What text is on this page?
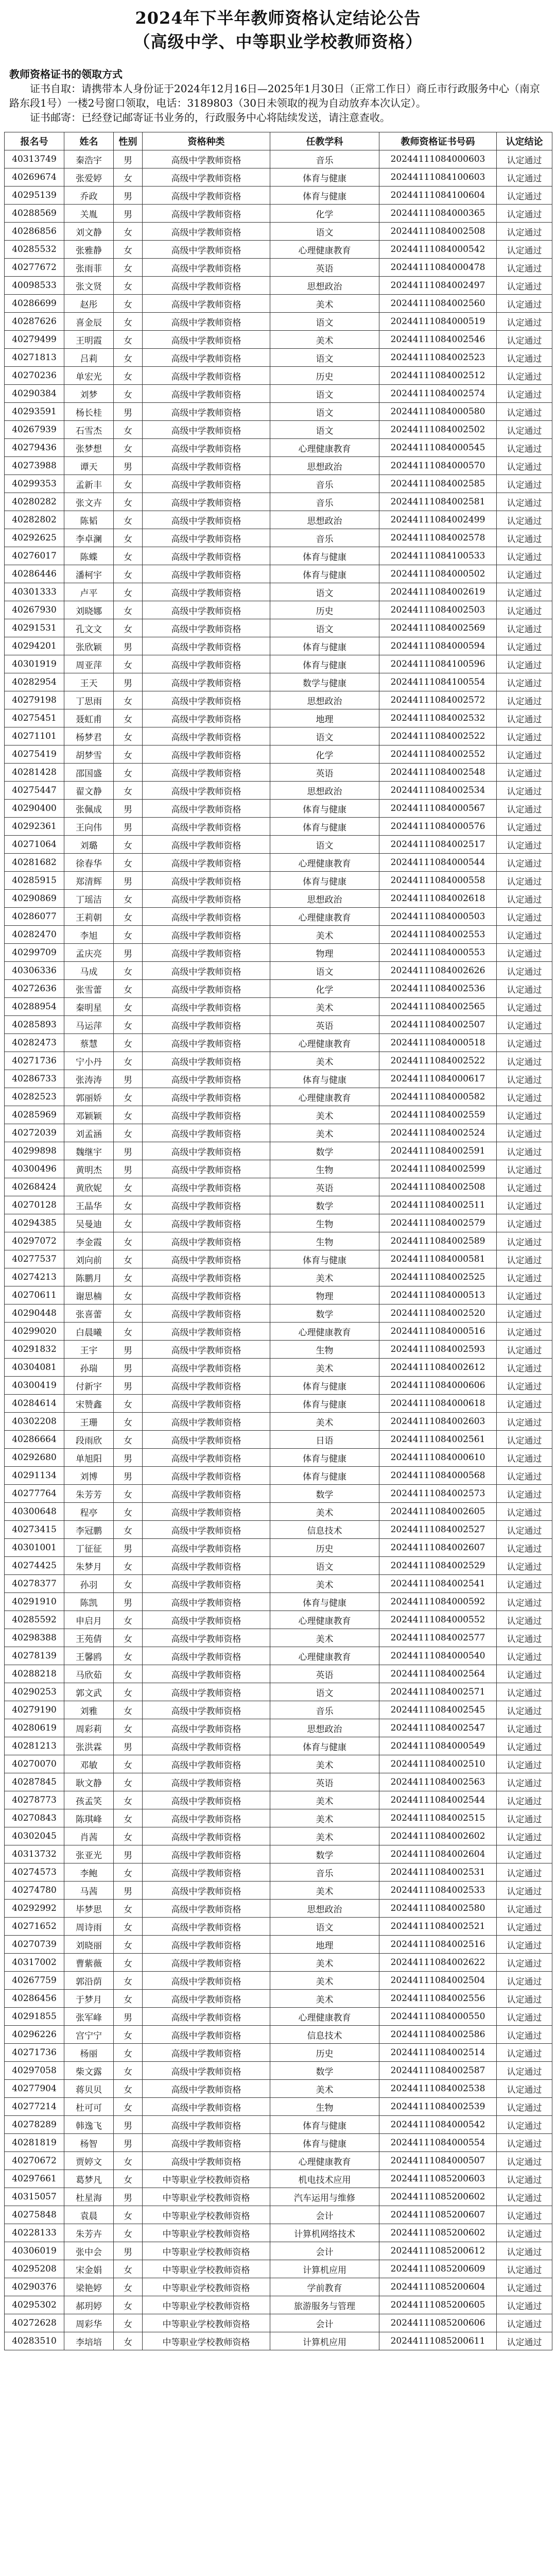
2024年下半年教师资格认定结论公告
（高级中学、中等职业学校教师资格）

教师资格证书的领取方式

证书自取：请携带本人身份证于2024年12月16日—2025年1月30日（正常工作日）商丘市行政服务中心（南京路东段1号）一楼2号窗口领取，电话：3189803（30日未领取的视为自动放弃本次认定）。

证书邮寄：已经登记邮寄证书业务的，行政服务中心将陆续发送，请注意查收。

报名号	姓名	性别	资格种类	任教学科	教师资格证书号码	认定结论
40313749	秦浩宇	男	高级中学教师资格	音乐	20244111084000603	认定通过
40269674	张爱婷	女	高级中学教师资格	体育与健康	20244111084100603	认定通过
40295139	乔政	男	高级中学教师资格	体育与健康	20244111084100604	认定通过
40288569	关胤	男	高级中学教师资格	化学	20244111084000365	认定通过
40286856	刘文静	女	高级中学教师资格	语文	20244111084002508	认定通过
40285532	张雅静	女	高级中学教师资格	心理健康教育	20244111084000542	认定通过
40277672	张雨菲	女	高级中学教师资格	英语	20244111084000478	认定通过
40098533	张文贤	女	高级中学教师资格	思想政治	20244111084002497	认定通过
40286699	赵彤	女	高级中学教师资格	美术	20244111084002560	认定通过
40287626	喜金辰	女	高级中学教师资格	语文	20244111084000519	认定通过
40279499	王明霞	女	高级中学教师资格	美术	20244111084002546	认定通过
40271813	吕莉	女	高级中学教师资格	语文	20244111084002523	认定通过
40270236	单宏光	女	高级中学教师资格	历史	20244111084002512	认定通过
40290384	刘梦	女	高级中学教师资格	语文	20244111084002574	认定通过
40293591	杨长桂	男	高级中学教师资格	语文	20244111084000580	认定通过
40267939	石雪杰	女	高级中学教师资格	语文	20244111084002502	认定通过
40279436	张梦想	女	高级中学教师资格	心理健康教育	20244111084000545	认定通过
40273988	谭天	男	高级中学教师资格	思想政治	20244111084000570	认定通过
40299353	孟新丰	女	高级中学教师资格	音乐	20244111084002585	认定通过
40280282	张文卉	女	高级中学教师资格	音乐	20244111084002581	认定通过
40282802	陈韬	女	高级中学教师资格	思想政治	20244111084002499	认定通过
40292625	李卓澜	女	高级中学教师资格	音乐	20244111084002578	认定通过
40276017	陈蝶	女	高级中学教师资格	体育与健康	20244111084100533	认定通过
40286446	潘柯宇	女	高级中学教师资格	体育与健康	20244111084000502	认定通过
40301333	卢平	女	高级中学教师资格	语文	20244111084002619	认定通过
40267930	刘晓娜	女	高级中学教师资格	历史	20244111084002503	认定通过
40291531	孔文文	女	高级中学教师资格	语文	20244111084002569	认定通过
40294201	张欣颖	男	高级中学教师资格	体育与健康	20244111084000594	认定通过
40301919	周亚萍	女	高级中学教师资格	体育与健康	20244111084100596	认定通过
40282954	王天	男	高级中学教师资格	数学与健康	20244111084100554	认定通过
40279198	丁思雨	女	高级中学教师资格	思想政治	20244111084002572	认定通过
40275451	聂虹甫	女	高级中学教师资格	地理	20244111084002532	认定通过
40271101	杨梦君	女	高级中学教师资格	语文	20244111084002522	认定通过
40275419	胡梦雪	女	高级中学教师资格	化学	20244111084002552	认定通过
40281428	邵国盛	女	高级中学教师资格	英语	20244111084002548	认定通过
40275447	翟文静	女	高级中学教师资格	思想政治	20244111084002534	认定通过
40290400	张佩成	男	高级中学教师资格	体育与健康	20244111084000567	认定通过
40292361	王向伟	男	高级中学教师资格	体育与健康	20244111084000576	认定通过
40271064	刘璐	女	高级中学教师资格	语文	20244111084002517	认定通过
40281682	徐春华	女	高级中学教师资格	心理健康教育	20244111084000544	认定通过
40285915	郑清辉	男	高级中学教师资格	体育与健康	20244111084000558	认定通过
40290869	丁瑶洁	女	高级中学教师资格	思想政治	20244111084002618	认定通过
40286077	王莉朝	女	高级中学教师资格	心理健康教育	20244111084000503	认定通过
40282470	李旭	女	高级中学教师资格	美术	20244111084002553	认定通过
40299709	孟庆亮	男	高级中学教师资格	物理	20244111084000553	认定通过
40306336	马成	女	高级中学教师资格	语文	20244111084002626	认定通过
40272636	张雪蕾	女	高级中学教师资格	化学	20244111084002536	认定通过
40288954	秦明星	女	高级中学教师资格	美术	20244111084002565	认定通过
40285893	马运萍	女	高级中学教师资格	英语	20244111084002507	认定通过
40282473	蔡慧	女	高级中学教师资格	心理健康教育	20244111084000518	认定通过
40271736	宁小丹	女	高级中学教师资格	美术	20244111084002522	认定通过
40286733	张涛涛	男	高级中学教师资格	体育与健康	20244111084000617	认定通过
40282523	郭丽娇	女	高级中学教师资格	心理健康教育	20244111084000582	认定通过
40285969	邓颖颖	女	高级中学教师资格	美术	20244111084002559	认定通过
40272039	刘孟涵	女	高级中学教师资格	美术	20244111084002524	认定通过
40299898	魏继宇	男	高级中学教师资格	数学	20244111084002591	认定通过
40300496	黄明杰	男	高级中学教师资格	生物	20244111084002599	认定通过
40268424	黄欣妮	女	高级中学教师资格	英语	20244111084002508	认定通过
40270128	王晶华	女	高级中学教师资格	数学	20244111084002511	认定通过
40294385	吴曼迪	女	高级中学教师资格	生物	20244111084002579	认定通过
40297072	李金霞	女	高级中学教师资格	生物	20244111084002589	认定通过
40277537	刘向前	女	高级中学教师资格	体育与健康	20244111084000581	认定通过
40274213	陈鹏月	女	高级中学教师资格	美术	20244111084002525	认定通过
40270611	谢思楠	女	高级中学教师资格	物理	20244111084000513	认定通过
40290448	张喜蕾	女	高级中学教师资格	数学	20244111084002520	认定通过
40299020	白晨曦	女	高级中学教师资格	心理健康教育	20244111084000516	认定通过
40291832	王宇	男	高级中学教师资格	生物	20244111084002593	认定通过
40304081	孙瑞	男	高级中学教师资格	美术	20244111084002612	认定通过
40300419	付新宇	男	高级中学教师资格	体育与健康	20244111084000606	认定通过
40284614	宋赞鑫	女	高级中学教师资格	体育与健康	20244111084000618	认定通过
40302208	王珊	女	高级中学教师资格	美术	20244111084002603	认定通过
40286664	段雨欣	女	高级中学教师资格	日语	20244111084002561	认定通过
40292680	单旭阳	男	高级中学教师资格	体育与健康	20244111084000610	认定通过
40291134	刘博	男	高级中学教师资格	体育与健康	20244111084000568	认定通过
40277764	朱芳芳	女	高级中学教师资格	数学	20244111084002573	认定通过
40300648	程亭	女	高级中学教师资格	美术	20244111084002605	认定通过
40273415	李冠鹏	女	高级中学教师资格	信息技术	20244111084002527	认定通过
40301001	丁征征	男	高级中学教师资格	历史	20244111084002607	认定通过
40274425	朱梦月	女	高级中学教师资格	语文	20244111084002529	认定通过
40278377	孙羽	女	高级中学教师资格	美术	20244111084002541	认定通过
40291910	陈凯	男	高级中学教师资格	体育与健康	20244111084000592	认定通过
40285592	申启月	女	高级中学教师资格	心理健康教育	20244111084000552	认定通过
40298388	王苑倩	女	高级中学教师资格	美术	20244111084002577	认定通过
40278139	王馨鸥	女	高级中学教师资格	心理健康教育	20244111084000540	认定通过
40288218	马欣茹	女	高级中学教师资格	英语	20244111084002564	认定通过
40290253	郭文武	女	高级中学教师资格	语文	20244111084002571	认定通过
40279190	刘雅	女	高级中学教师资格	音乐	20244111084002545	认定通过
40280619	周彩莉	女	高级中学教师资格	思想政治	20244111084002547	认定通过
40281213	张洪霖	男	高级中学教师资格	体育与健康	20244111084000549	认定通过
40270070	邓敏	女	高级中学教师资格	美术	20244111084002510	认定通过
40287845	耿文静	女	高级中学教师资格	英语	20244111084002563	认定通过
40278773	孩孟笑	女	高级中学教师资格	美术	20244111084002544	认定通过
40270843	陈琪峰	女	高级中学教师资格	美术	20244111084002515	认定通过
40302045	肖茜	女	高级中学教师资格	美术	20244111084002602	认定通过
40313732	张亚光	男	高级中学教师资格	数学	20244111084002604	认定通过
40274573	李鲍	女	高级中学教师资格	音乐	20244111084002531	认定通过
40274780	马茜	男	高级中学教师资格	美术	20244111084002533	认定通过
40292992	毕梦思	女	高级中学教师资格	思想政治	20244111084002580	认定通过
40271652	周诗雨	女	高级中学教师资格	语文	20244111084002521	认定通过
40270739	刘晓丽	女	高级中学教师资格	地理	20244111084002516	认定通过
40317002	曹紫薇	女	高级中学教师资格	美术	20244111084002622	认定通过
40267759	郭沿荫	女	高级中学教师资格	美术	20244111084002504	认定通过
40286456	于梦月	女	高级中学教师资格	美术	20244111084002556	认定通过
40291855	张军峰	男	高级中学教师资格	心理健康教育	20244111084000550	认定通过
40296226	宫宁宁	女	高级中学教师资格	信息技术	20244111084002586	认定通过
40271736	杨丽	女	高级中学教师资格	历史	20244111084002514	认定通过
40297058	柴文露	女	高级中学教师资格	数学	20244111084002587	认定通过
40277904	蒋贝贝	女	高级中学教师资格	美术	20244111084002538	认定通过
40277214	杜可可	女	高级中学教师资格	生物	20244111084002539	认定通过
40278289	韩逸飞	男	高级中学教师资格	体育与健康	20244111084000542	认定通过
40281819	杨智	男	高级中学教师资格	体育与健康	20244111084000554	认定通过
40270672	贾婷文	女	高级中学教师资格	心理健康教育	20244111084000507	认定通过
40297661	葛梦凡	女	中等职业学校教师资格	机电技术应用	20244111085200603	认定通过
40315057	杜星海	男	中等职业学校教师资格	汽车运用与维修	20244111085200602	认定通过
40275848	袁晨	女	中等职业学校教师资格	会计	20244111085200607	认定通过
40228133	朱芳卉	女	中等职业学校教师资格	计算机网络技术	20244111085200602	认定通过
40306019	张中会	男	中等职业学校教师资格	会计	20244111085200612	认定通过
40295208	宋金娟	女	中等职业学校教师资格	计算机应用	20244111085200609	认定通过
40290376	梁艳婷	女	中等职业学校教师资格	学前教育	20244111085200604	认定通过
40295302	郝玥婷	女	中等职业学校教师资格	旅游服务与管理	20244111085200605	认定通过
40272628	周彩华	女	中等职业学校教师资格	会计	20244111085200606	认定通过
40283510	李培培	女	中等职业学校教师资格	计算机应用	20244111085200611	认定通过
